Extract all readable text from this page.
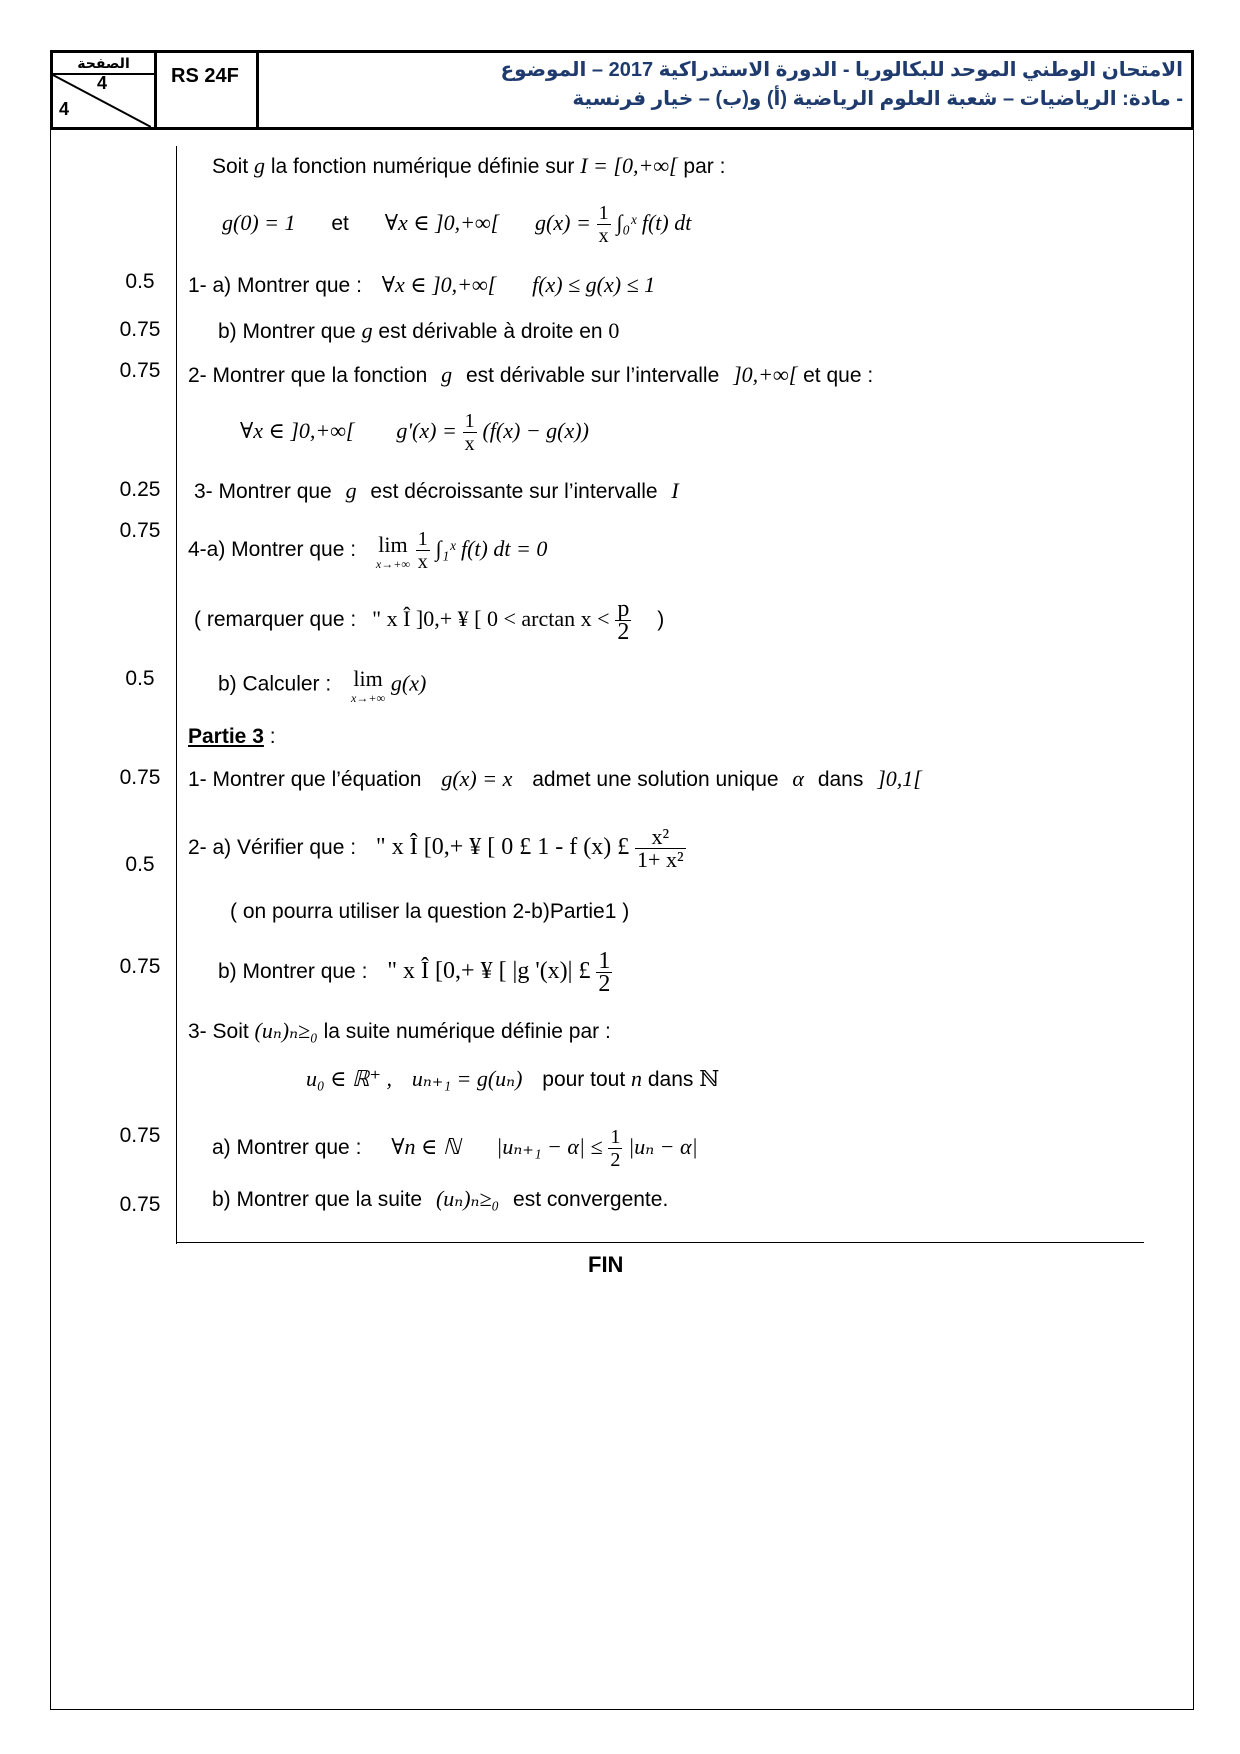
الصفحة
4
4
RS 24F	الامتحان الوطني الموحد للبكالوريا - الدورة الاستدراكية 2017 – الموضوع
- مادة: الرياضيات – شعبة العلوم الرياضية (أ) و(ب) – خيار فرنسية
0.5
0.75
0.75
0.25
0.75
0.5
0.75
0.5
0.75
0.75
0.75
Soit g la fonction numérique définie sur I = [0,+∞[ par :
g(0) = 1 et ∀x ∈ ]0,+∞[ $g(x) = \frac{1}{x}$ ∫₀ˣ f(t) dt
1- a) Montrer que : ∀x ∈ ]0,+∞[ f(x) ≤ g(x) ≤ 1
b) Montrer que g est dérivable à droite en 0
2- Montrer que la fonction g est dérivable sur l’intervalle ]0,+∞[ et que :
∀x ∈ ]0,+∞[ $g'(x) = \frac{1}{x} (f(x) - g(x))$
3- Montrer que g est décroissante sur l’intervalle I
4-a) Montrer que : lim
x→+∞
$\frac{1}{x}$ ∫₁ˣ f(t) dt = 0
( remarquer que : " x Î ]0,+ ¥ [ $0 < \arctan x < \frac{p}{2}$ )
b) Calculer : lim
x→+∞
g(x)
Partie 3 :
1- Montrer que l’équation g(x) = x admet une solution unique α dans ]0,1[
2- a) Vérifier que : " x Î [0,+ ¥ [ 0 £ 1 - f (x) £ $\frac{\text{x²}}{\text{1+ x²}}$
( on pourra utiliser la question 2-b)Partie1 )
b) Montrer que : " x Î [0,+ ¥ [ |g '(x)| £ $\frac{1}{2}$
3- Soit (uₙ)ₙ≥₀ la suite numérique définie par :
u₀ ∈ ℝ⁺ , uₙ₊₁ = g(uₙ) pour tout n dans ℕ
a) Montrer que : ∀n ∈ ℕ $|u_{n+1} - \alpha| \le \frac{1}{2} |u_n - \alpha|$
b) Montrer que la suite (uₙ)ₙ≥₀ est convergente.
FIN
